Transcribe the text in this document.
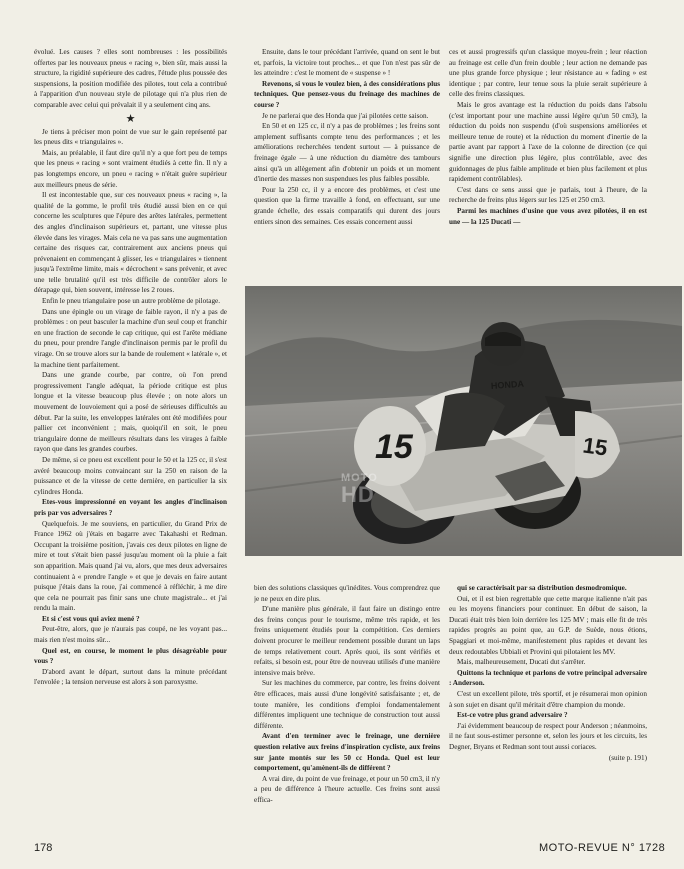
évolué. Les causes ? elles sont nombreuses : les possibilités offertes par les nouveaux pneus « racing », bien sûr, mais aussi la structure, la rigidité supérieure des cadres, l'étude plus poussée des suspensions, la position modifiée des pilotes, tout cela a contribué à l'apparition d'un nouveau style de pilotage qui n'a plus rien de comparable avec celui qui prévalait il y a seulement cinq ans.

★

Je tiens à préciser mon point de vue sur le gain représenté par les pneus dits « triangulaires ».

Mais, au préalable, il faut dire qu'il n'y a que fort peu de temps que les pneus « racing » sont vraiment étudiés à cette fin. Il n'y a pas longtemps encore, un pneu « racing » n'était guère supérieur aux meilleurs pneus de série.

Il est incontestable que, sur ces nouveaux pneus « racing », la qualité de la gomme, le profil très étudié aussi bien en ce qui concerne les sculptures que l'épure des arêtes latérales, permettent des angles d'inclinaison supérieurs et, partant, une vitesse plus élevée dans les virages. Mais cela ne va pas sans une augmentation certaine des risques car, contrairement aux anciens pneus qui prévenaient en commençant à glisser, les « triangulaires » tiennent jusqu'à l'extrême limite, mais « décrochent » sans prévenir, et avec une telle brutalité qu'il est très difficile de contrôler alors le dérapage qui, bien souvent, intéresse les 2 roues.

Enfin le pneu triangulaire pose un autre problème de pilotage.

Dans une épingle ou un virage de faible rayon, il n'y a pas de problèmes : on peut basculer la machine d'un seul coup et franchir en une fraction de seconde le cap critique, qui est l'arête médiane du pneu, pour prendre l'angle d'inclinaison permis par le profil du virage. On se trouve alors sur la bande de roulement « latérale », et la machine tient parfaitement.

Dans une grande courbe, par contre, où l'on prend progressivement l'angle adéquat, la période critique est plus longue et la vitesse beaucoup plus élevée ; on note alors un mouvement de louvoiement qui a posé de sérieuses difficultés au début. Par la suite, les enveloppes latérales ont été modifiées pour pallier cet inconvénient ; mais, quoiqu'il en soit, le pneu triangulaire donne de meilleurs résultats dans les virages à faible rayon que dans les grandes courbes.

De même, si ce pneu est excellent pour le 50 et la 125 cc, il s'est avéré beaucoup moins convaincant sur la 250 en raison de la puissance et de la vitesse de cette dernière, en particulier la six cylindres Honda.

Etes-vous impressionné en voyant les angles d'inclinaison pris par vos adversaires ?

Quelquefois. Je me souviens, en particulier, du Grand Prix de France 1962 où j'étais en bagarre avec Takahashi et Redman. Occupant la troisième position, j'avais ces deux pilotes en ligne de mire et tout s'était bien passé jusqu'au moment où la pluie a fait son apparition. Mais quand j'ai vu, alors, que mes deux adversaires continuaient à « prendre l'angle » et que je devais en faire autant puisque j'étais dans la roue, j'ai commencé à réfléchir, à me dire que cela ne pourrait pas finir sans une chute magistrale... et j'ai rendu la main.

Et si c'est vous qui aviez mené ?

Peut-être, alors, que je n'aurais pas coupé, ne les voyant pas... mais rien n'est moins sûr...

Quel est, en course, le moment le plus désagréable pour vous ?

D'abord avant le départ, surtout dans la minute précédant l'envolée ; la tension nerveuse est alors à son paroxysme.

Ensuite, dans le tour précédant l'arrivée, quand on sent le but et, parfois, la victoire tout proches... et que l'on n'est pas sûr de les atteindre : c'est le moment de « suspense » !

Revenons, si vous le voulez bien, à des considérations plus techniques. Que pensez-vous du freinage des machines de course ?

Je ne parlerai que des Honda que j'ai pilotées cette saison.

En 50 et en 125 cc, il n'y a pas de problèmes ; les freins sont amplement suffisants compte tenu des performances ; et les améliorations recherchées tendent surtout — à puissance de freinage égale — à une réduction du diamètre des tambours ainsi qu'à un allègement afin d'obtenir un poids et un moment d'inertie des masses non suspendues les plus faibles possible.

Pour la 250 cc, il y a encore des problèmes, et c'est une question que la firme travaille à fond, en effectuant, sur une grande échelle, des essais comparatifs qui durent des jours entiers sinon des semaines. Ces essais concernent aussi

ces et aussi progressifs qu'un classique moyeu-frein ; leur réaction au freinage est celle d'un frein double ; leur action ne demande pas une plus grande force physique ; leur résistance au « fading » est identique ; par contre, leur tenue sous la pluie serait supérieure à celle des freins classiques.

Mais le gros avantage est la réduction du poids dans l'absolu (c'est important pour une machine aussi légère qu'un 50 cm3), la réduction du poids non suspendu (d'où suspensions améliorées et meilleure tenue de route) et la réduction du moment d'inertie de la partie avant par rapport à l'axe de la colonne de direction (ce qui signifie une direction plus légère, plus contrôlable, avec des guidonnages de plus faible amplitude et bien plus facilement et plus rapidement contrôlables).

C'est dans ce sens aussi que je parlais, tout à l'heure, de la recherche de freins plus légers sur les 125 et 250 cm3.

Parmi les machines d'usine que vous avez pilotées, il en est une — la 125 Ducati —

15	15
HONDA
MOTO
HD

bien des solutions classiques qu'inédites. Vous comprendrez que je ne peux en dire plus.

D'une manière plus générale, il faut faire un distingo entre des freins conçus pour le tourisme, même très rapide, et les freins uniquement étudiés pour la compétition. Ces derniers doivent procurer le meilleur rendement possible durant un laps de temps relativement court. Après quoi, ils sont vérifiés et refaits, si besoin est, pour être de nouveau utilisés d'une manière intensive mais brève.

Sur les machines du commerce, par contre, les freins doivent être efficaces, mais aussi d'une longévité satisfaisante ; et, de toute manière, les conditions d'emploi fondamentalement différentes impliquent une technique de construction tout aussi différente.

Avant d'en terminer avec le freinage, une dernière question relative aux freins d'inspiration cycliste, aux freins sur jante montés sur les 50 cc Honda. Quel est leur comportement, qu'amènent-ils de différent ?

A vrai dire, du point de vue freinage, et pour un 50 cm3, il n'y a peu de différence à l'heure actuelle. Ces freins sont aussi effica-

qui se caractérisait par sa distribution desmodromique.

Oui, et il est bien regrettable que cette marque italienne n'ait pas eu les moyens financiers pour continuer. En début de saison, la Ducati était très bien loin derrière les 125 MV ; mais elle fit de très rapides progrès au point que, au G.P. de Suède, nous étions, Spaggiari et moi-même, manifestement plus rapides et devant les deux redoutables Ubbiali et Provini qui pilotaient les MV.

Mais, malheureusement, Ducati dut s'arrêter.

Quittons la technique et parlons de votre principal adversaire : Anderson.

C'est un excellent pilote, très sportif, et je résumerai mon opinion à son sujet en disant qu'il méritait d'être champion du monde.

Est-ce votre plus grand adversaire ?

J'ai évidemment beaucoup de respect pour Anderson ; néanmoins, il ne faut sous-estimer personne et, selon les jours et les circuits, les Degner, Bryans et Redman sont tout aussi coriaces.

(suite p. 191)

178	MOTO-REVUE N° 1728
